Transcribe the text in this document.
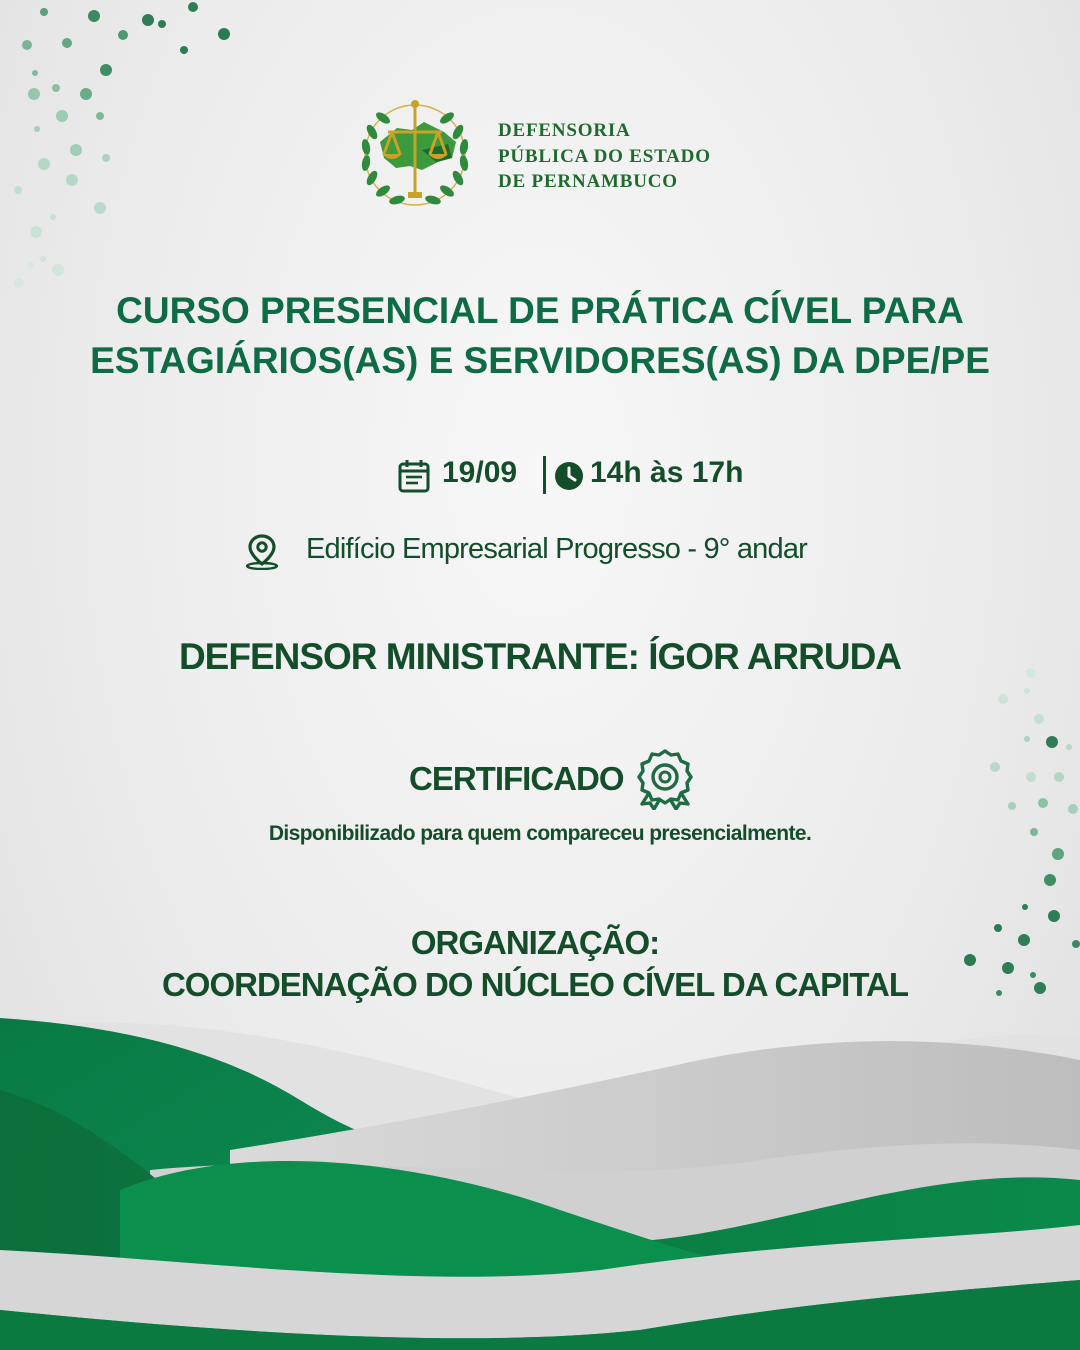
DEFENSORIA
PÚBLICA DO ESTADO
DE PERNAMBUCO
CURSO PRESENCIAL DE PRÁTICA CÍVEL PARA
ESTAGIÁRIOS(AS) E SERVIDORES(AS) DA DPE/PE
19/09 14h às 17h
Edifício Empresarial Progresso - 9° andar
DEFENSOR MINISTRANTE: ÍGOR ARRUDA
CERTIFICADO
Disponibilizado para quem compareceu presencialmente.
ORGANIZAÇÃO:
COORDENAÇÃO DO NÚCLEO CÍVEL DA CAPITAL
